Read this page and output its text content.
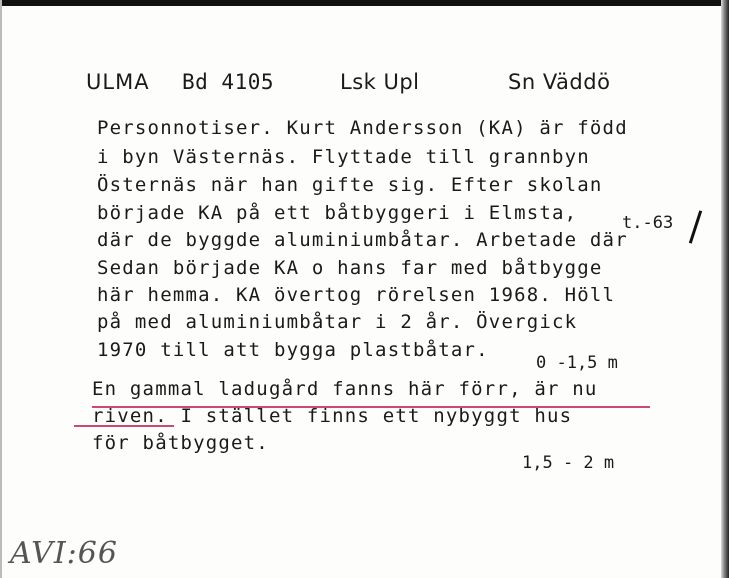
ULMA Bd 4105	Lsk Upl	Sn Väddö
Personnotiser. Kurt Andersson (KA) är född
i byn Västernäs. Flyttade till grannbyn
Östernäs när han gifte sig. Efter skolan
började KA på ett båtbyggeri i Elmsta,
där de byggde aluminiumbåtar. Arbetade där
Sedan började KA o hans far med båtbygge
här hemma. KA övertog rörelsen 1968. Höll
på med aluminiumbåtar i 2 år. Övergick
1970 till att bygga plastbåtar.
En gammal ladugård fanns här förr, är nu
riven. I stället finns ett nybyggt hus
för båtbygget.
t.-63
0 -1,5 m
1,5 - 2 m
AVI:66
